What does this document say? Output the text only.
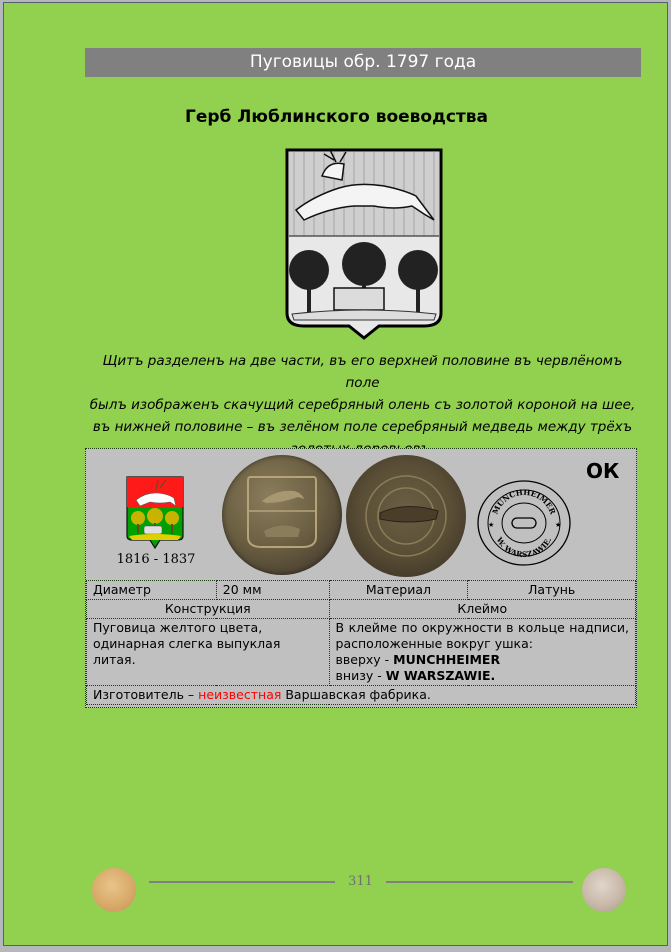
Пуговицы обр. 1797 года
Герб Люблинского воеводства
Щитъ разделенъ на две части, въ его верхней половине въ червлёномъ поле
былъ изображенъ скачущий серебряный олень съ золотой короной на шее,
въ нижней половине – въ зелёном поле серебряный медведь между трёхъ
1816 - 1837
MUNCHHEIMER
W. WARSZAWIE.
★	★
ОК
Диаметр	20 мм	Материал	Латунь
Конструкция		Клеймо	
Пуговица желтого цвета, одинарная слегка выпуклая литая.		В клейме по окружности в кольце надписи, расположенные вокруг ушка:
вверху - MUNCHHEIMER
внизу - W WARSZAWIE.	

Изготовитель – неизвестная Варшавская фабрика.			
311
